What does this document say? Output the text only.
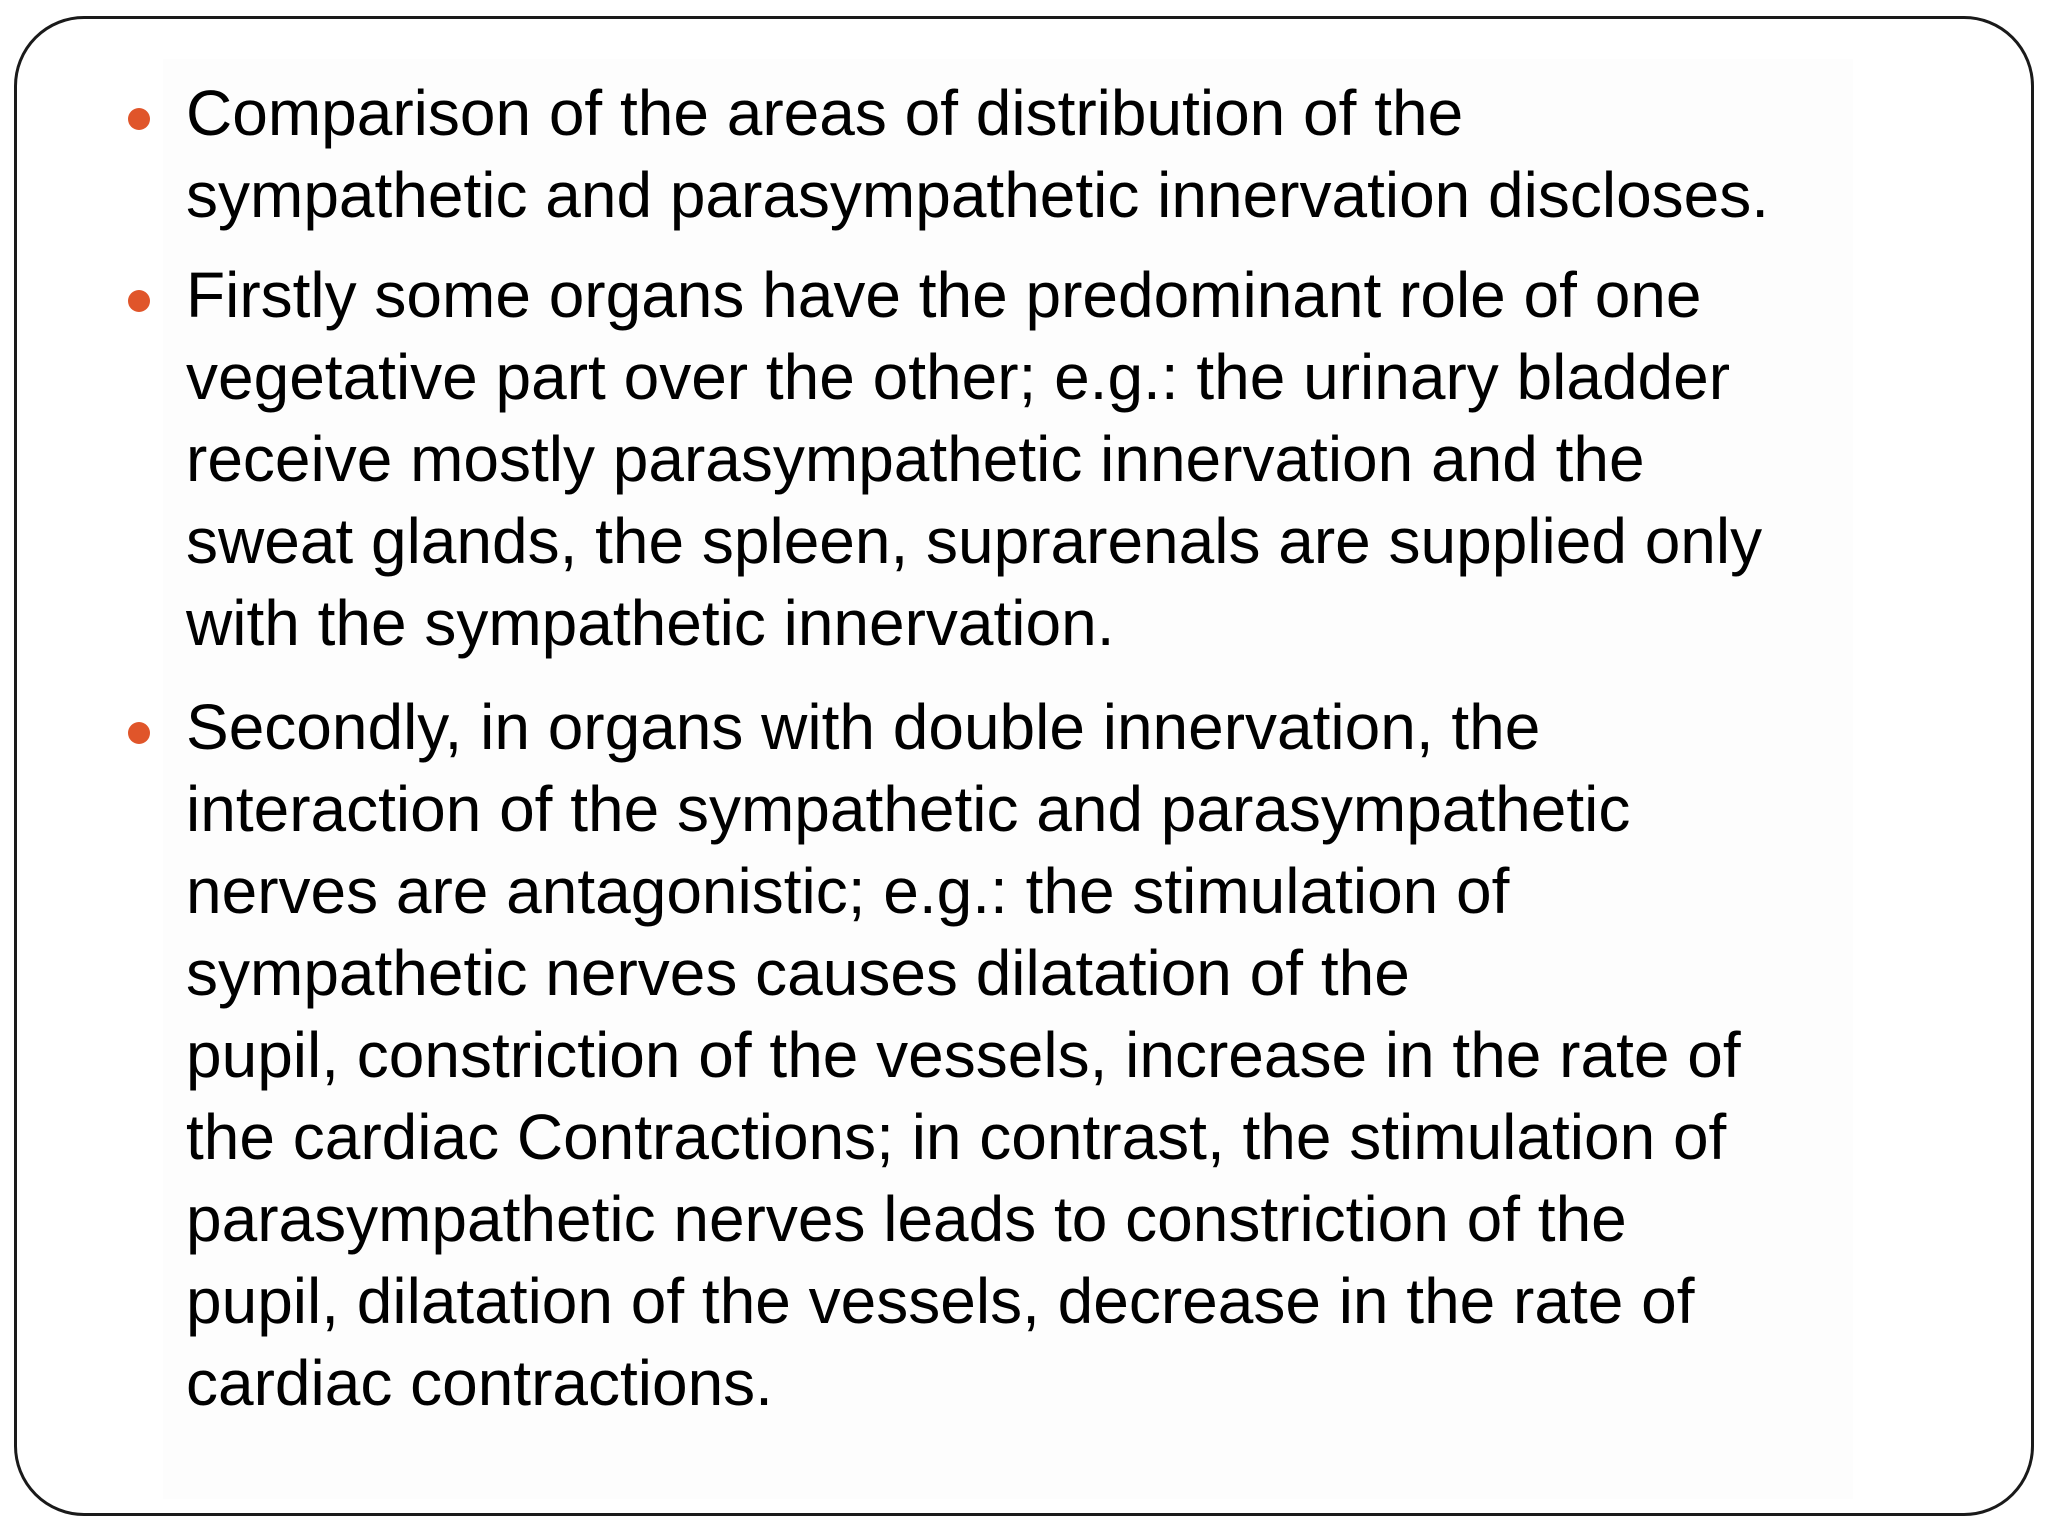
Comparison of the areas of distribution of the
sympathetic and parasympathetic innervation discloses.
Firstly some organs have the predominant role of one
vegetative part over the other; e.g.: the urinary bladder
receive mostly parasympathetic innervation and the
sweat glands, the spleen, suprarenals are supplied only
with the sympathetic innervation.
Secondly, in organs with double innervation, the
interaction of the sympathetic and parasympathetic
nerves are antagonistic; e.g.: the stimulation of
sympathetic nerves causes dilatation of the
pupil, constriction of the vessels, increase in the rate of
the cardiac Contractions; in contrast, the stimulation of
parasympathetic nerves leads to constriction of the
pupil, dilatation of the vessels, decrease in the rate of
cardiac contractions.
